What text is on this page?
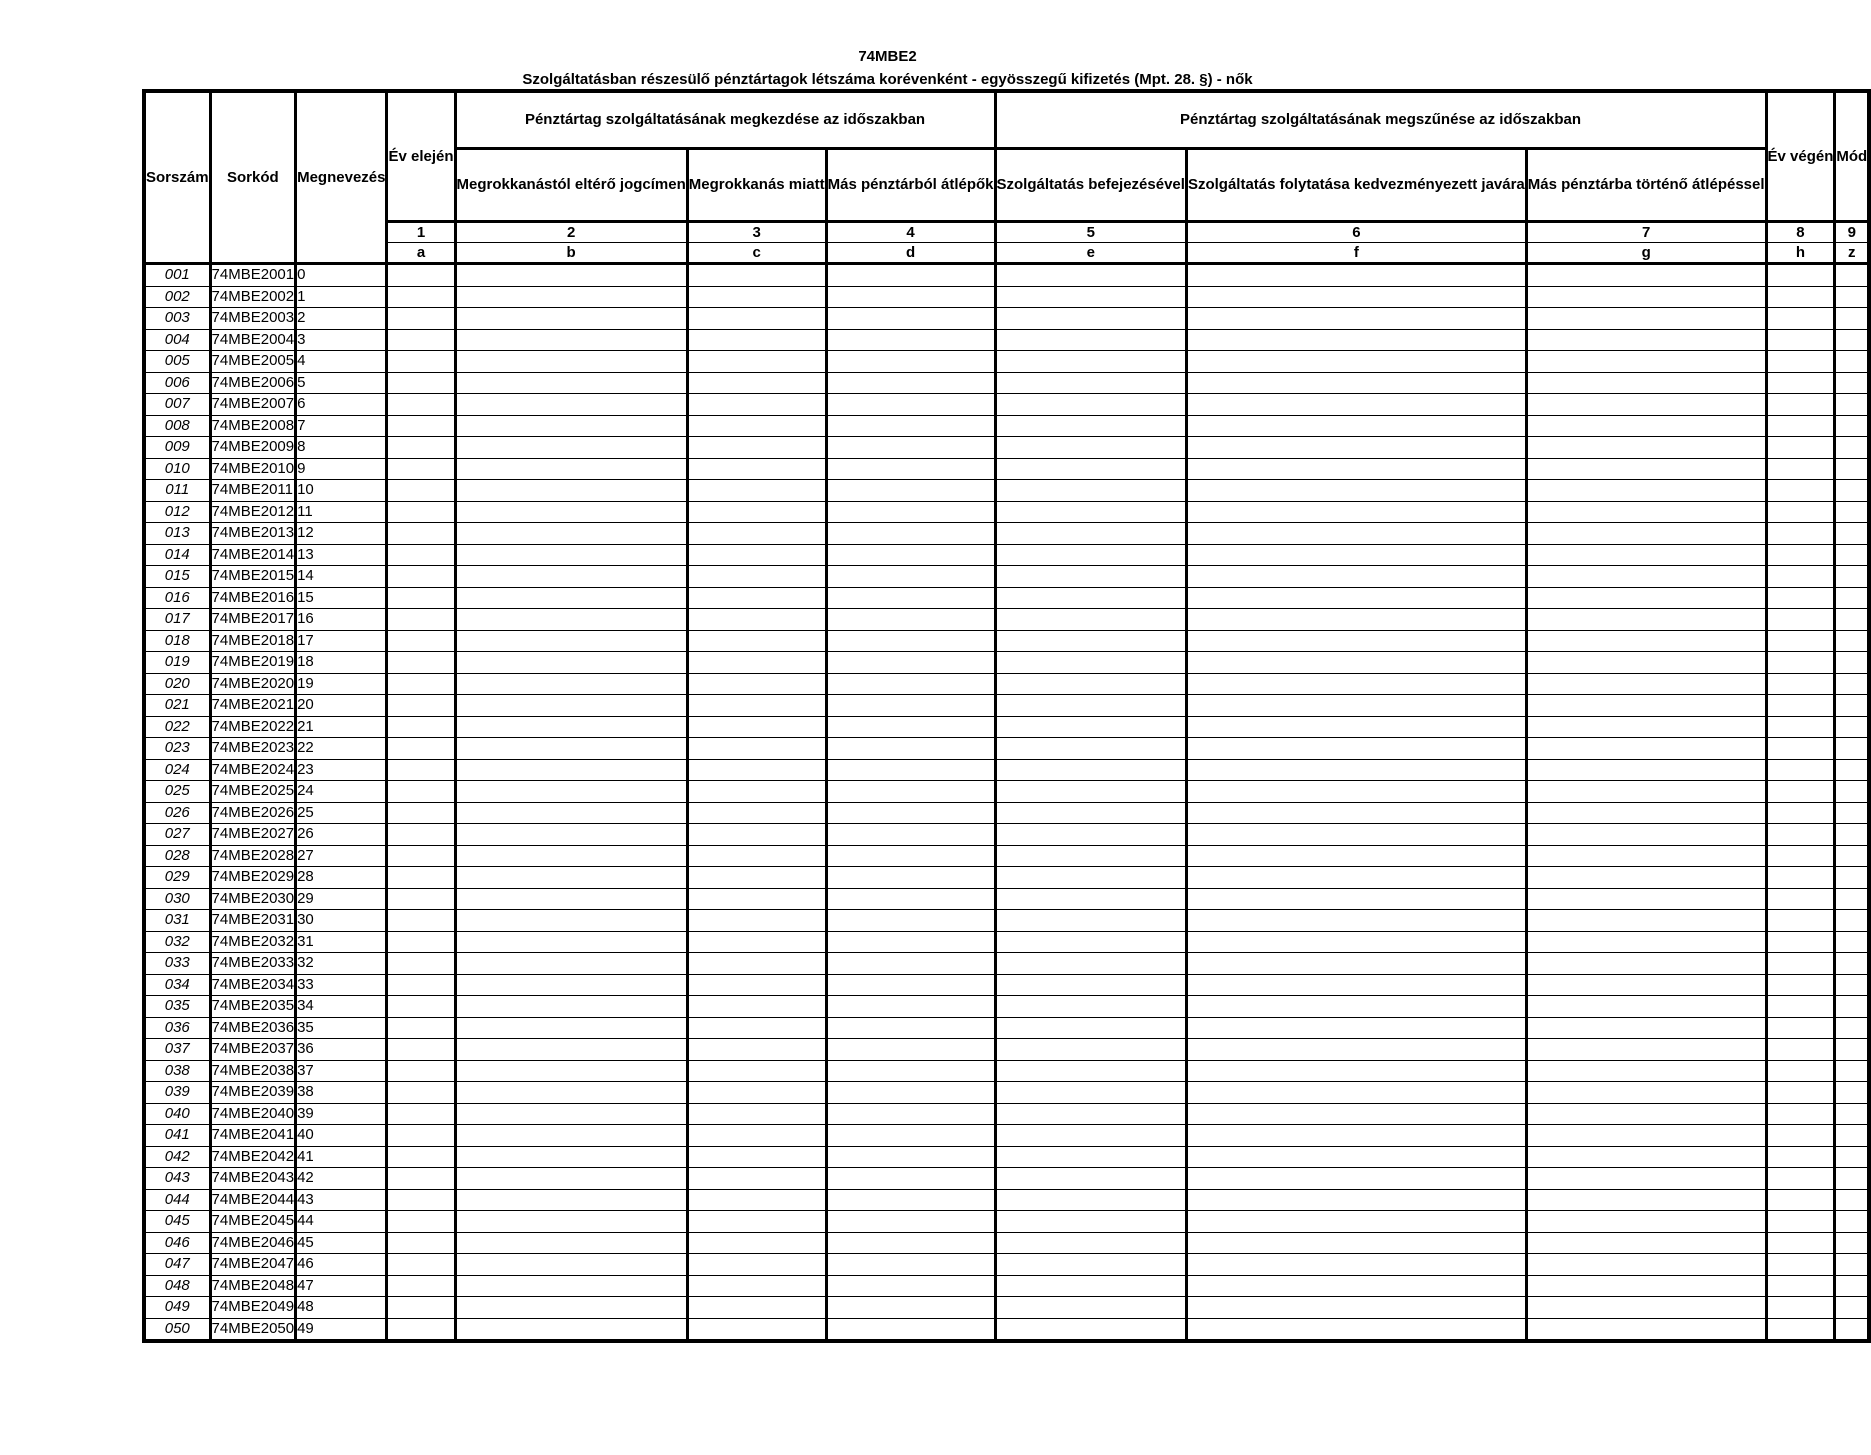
74MBE2
Szolgáltatásban részesülő pénztártagok létszáma korévenként - egyösszegű kifizetés (Mpt. 28. §) - nők
Sorszám	Sorkód	Megnevezés	Év elején	Pénztártag szolgáltatásának megkezdése az időszakban			Pénztártag szolgáltatásának megszűnése az időszakban			Év végén	Mód
				Megrokkanástól eltérő jogcímen	Megrokkanás miatt	Más pénztárból átlépők	Szolgáltatás befejezésével	Szolgáltatás folytatása kedvezményezett javára	Más pénztárba történő átlépéssel		
			1	2	3	4	5	6	7	8	9
			a	b	c	d	e	f	g	h	z
001	74MBE2001	0									
002	74MBE2002	1									
003	74MBE2003	2									
004	74MBE2004	3									
005	74MBE2005	4									
006	74MBE2006	5									
007	74MBE2007	6									
008	74MBE2008	7									
009	74MBE2009	8									
010	74MBE2010	9									
011	74MBE2011	10									
012	74MBE2012	11									
013	74MBE2013	12									
014	74MBE2014	13									
015	74MBE2015	14									
016	74MBE2016	15									
017	74MBE2017	16									
018	74MBE2018	17									
019	74MBE2019	18									
020	74MBE2020	19									
021	74MBE2021	20									
022	74MBE2022	21									
023	74MBE2023	22									
024	74MBE2024	23									
025	74MBE2025	24									
026	74MBE2026	25									
027	74MBE2027	26									
028	74MBE2028	27									
029	74MBE2029	28									
030	74MBE2030	29									
031	74MBE2031	30									
032	74MBE2032	31									
033	74MBE2033	32									
034	74MBE2034	33									
035	74MBE2035	34									
036	74MBE2036	35									
037	74MBE2037	36									
038	74MBE2038	37									
039	74MBE2039	38									
040	74MBE2040	39									
041	74MBE2041	40									
042	74MBE2042	41									
043	74MBE2043	42									
044	74MBE2044	43									
045	74MBE2045	44									
046	74MBE2046	45									
047	74MBE2047	46									
048	74MBE2048	47									
049	74MBE2049	48									
050	74MBE2050	49									
